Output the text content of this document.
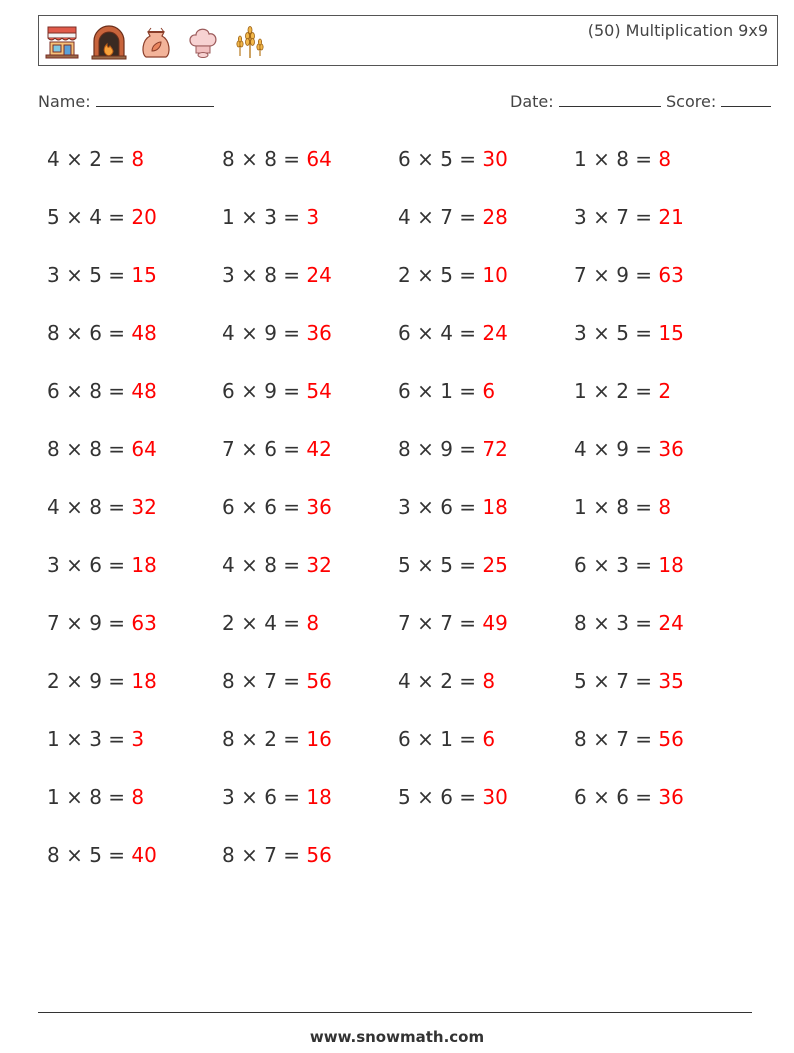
(50) Multiplication 9x9
Name:	Date:	Score:
4 × 2 = 8	8 × 8 = 64	6 × 5 = 30	1 × 8 = 8
5 × 4 = 20	1 × 3 = 3	4 × 7 = 28	3 × 7 = 21
3 × 5 = 15	3 × 8 = 24	2 × 5 = 10	7 × 9 = 63
8 × 6 = 48	4 × 9 = 36	6 × 4 = 24	3 × 5 = 15
6 × 8 = 48	6 × 9 = 54	6 × 1 = 6	1 × 2 = 2
8 × 8 = 64	7 × 6 = 42	8 × 9 = 72	4 × 9 = 36
4 × 8 = 32	6 × 6 = 36	3 × 6 = 18	1 × 8 = 8
3 × 6 = 18	4 × 8 = 32	5 × 5 = 25	6 × 3 = 18
7 × 9 = 63	2 × 4 = 8	7 × 7 = 49	8 × 3 = 24
2 × 9 = 18	8 × 7 = 56	4 × 2 = 8	5 × 7 = 35
1 × 3 = 3	8 × 2 = 16	6 × 1 = 6	8 × 7 = 56
1 × 8 = 8	3 × 6 = 18	5 × 6 = 30	6 × 6 = 36
8 × 5 = 40	8 × 7 = 56
www.snowmath.com
